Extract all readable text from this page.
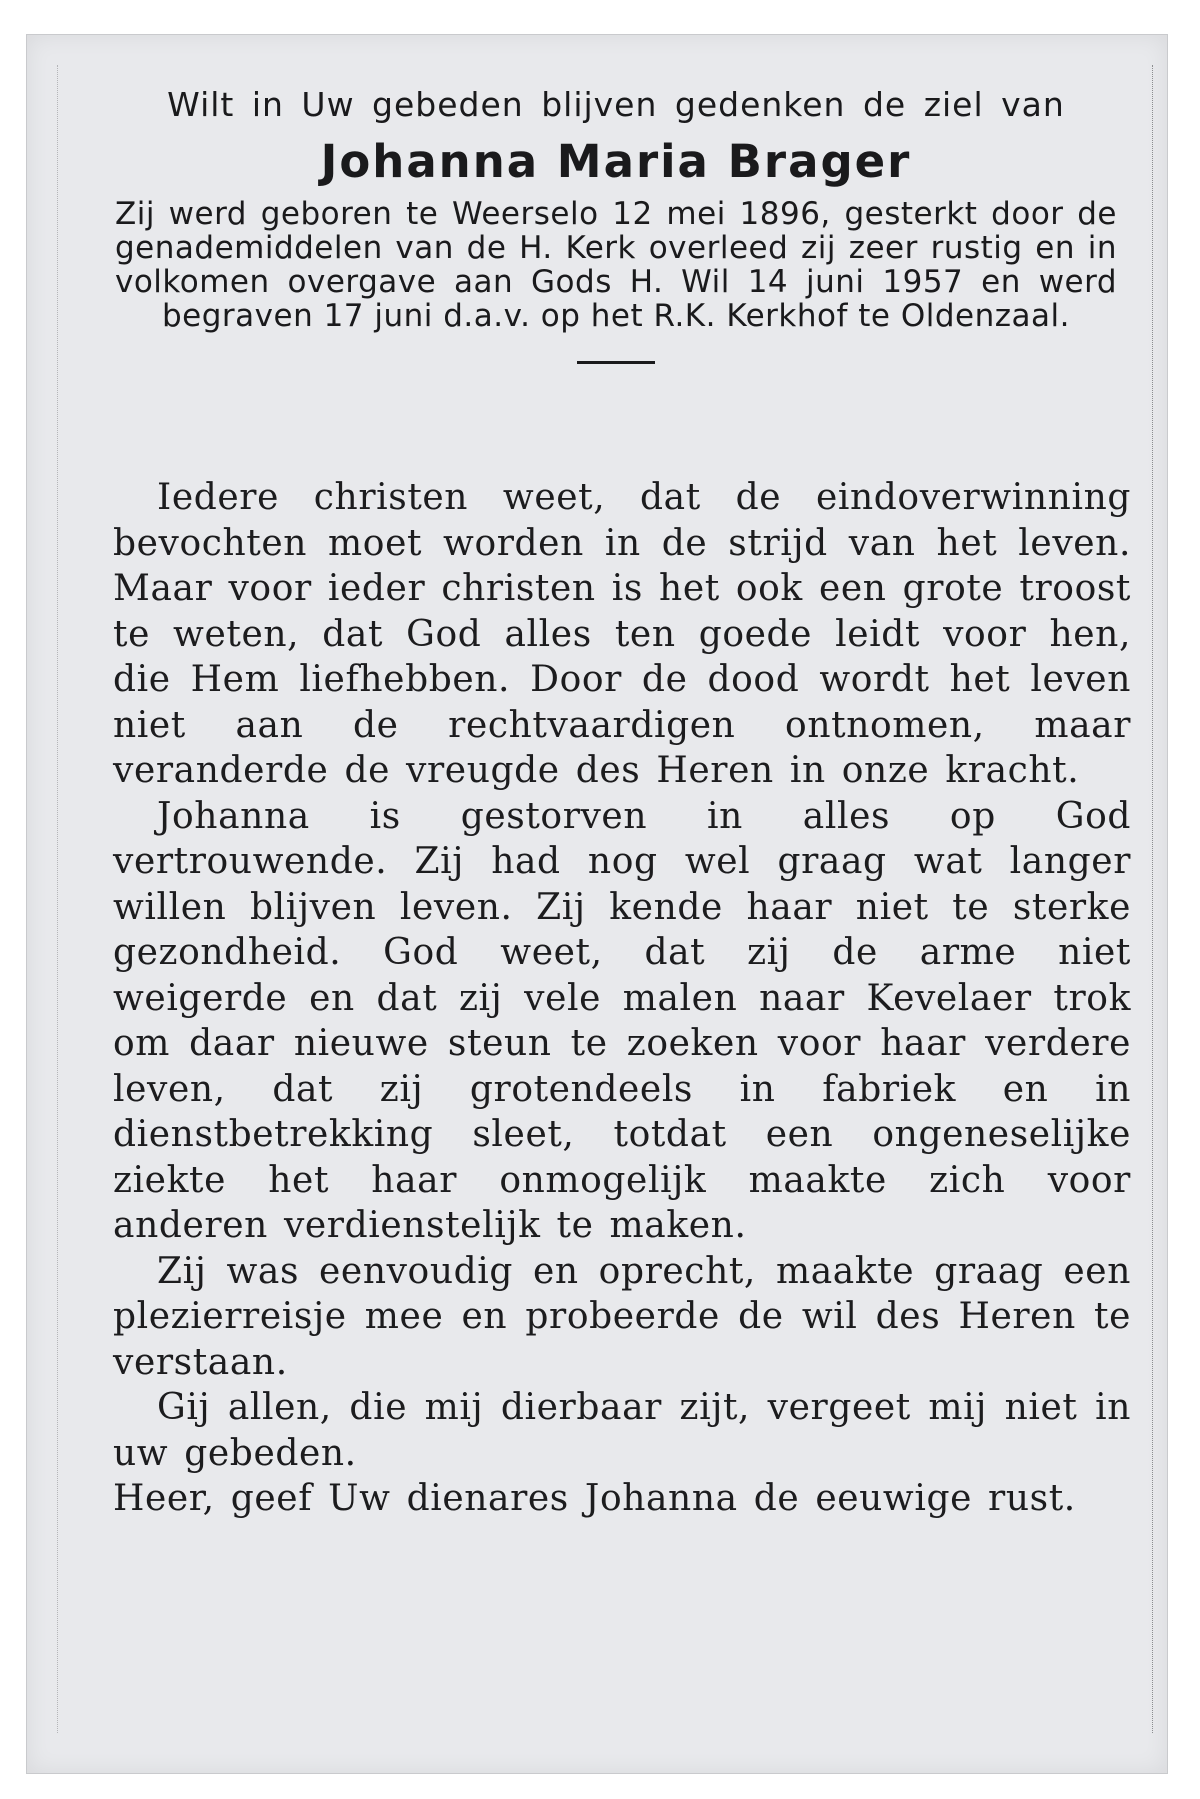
Wilt in Uw gebeden blijven gedenken de ziel van

Johanna Maria Brager

Zij werd geboren te Weerselo 12 mei 1896, gesterkt door de genademiddelen van de H. Kerk overleed zij zeer rustig en in volkomen overgave aan Gods H. Wil 14 juni 1957 en werd begraven 17 juni d.a.v. op het R.K. Kerkhof te Oldenzaal.

Iedere christen weet, dat de eindoverwinning bevochten moet worden in de strijd van het leven. Maar voor ieder christen is het ook een grote troost te weten, dat God alles ten goede leidt voor hen, die Hem liefhebben. Door de dood wordt het leven niet aan de rechtvaardigen ontnomen, maar veranderde de vreugde des Heren in onze kracht.

Johanna is gestorven in alles op God vertrouwende. Zij had nog wel graag wat langer willen blijven leven. Zij kende haar niet te sterke gezondheid. God weet, dat zij de arme niet weigerde en dat zij vele malen naar Kevelaer trok om daar nieuwe steun te zoeken voor haar verdere leven, dat zij grotendeels in fabriek en in dienstbetrekking sleet, totdat een ongeneselijke ziekte het haar onmogelijk maakte zich voor anderen verdienstelijk te maken.

Zij was eenvoudig en oprecht, maakte graag een plezierreisje mee en probeerde de wil des Heren te verstaan.

Gij allen, die mij dierbaar zijt, vergeet mij niet in uw gebeden.

Heer, geef Uw dienares Johanna de eeuwige rust.
